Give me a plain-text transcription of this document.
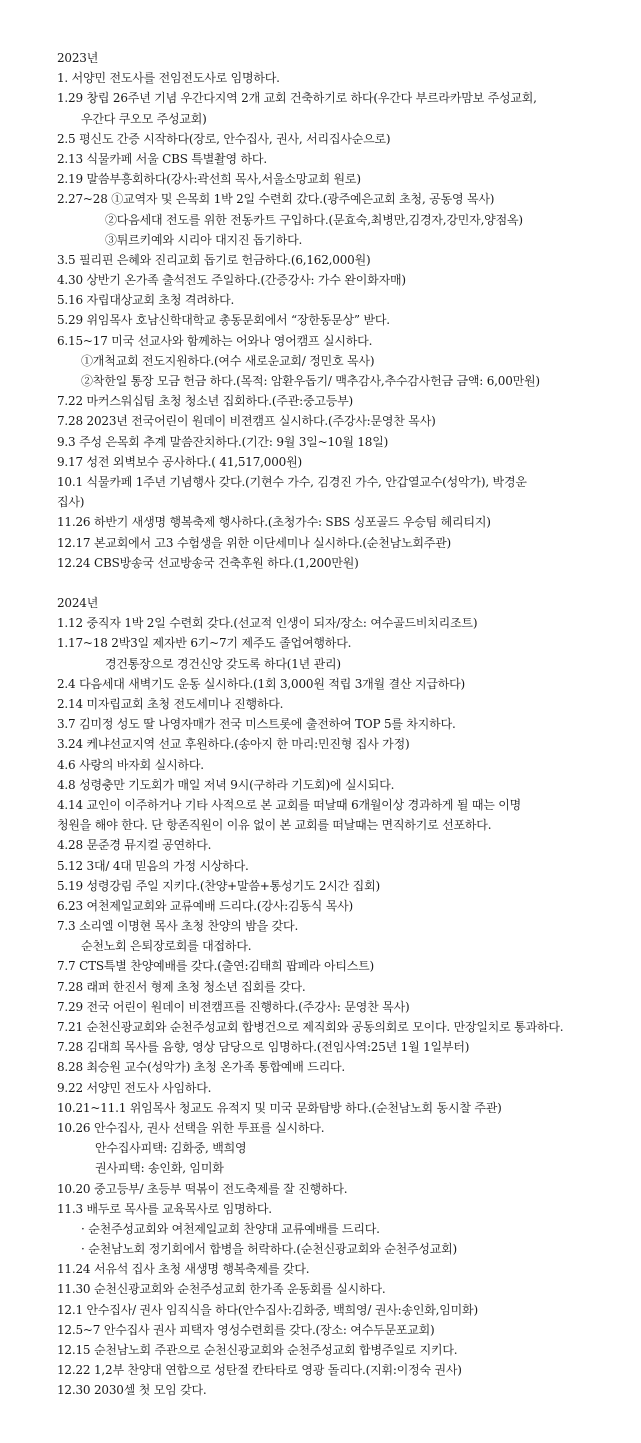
2023년
1. 서양민 전도사를 전임전도사로 임명하다.
1.29 창립 26주년 기념 우간다지역 2개 교회 건축하기로 하다(우간다 부르라카맘보 주성교회,
우간다 쿠오모 주성교회)
2.5 평신도 간증 시작하다(장로, 안수집사, 권사, 서리집사순으로)
2.13 식물카페 서울 CBS 특별촬영 하다.
2.19 말씀부흥회하다(강사:곽선희 목사,서울소망교회 원로)
2.27~28 ①교역자 및 은목회 1박 2일 수련회 갔다.(광주예은교회 초청, 공동영 목사)
②다음세대 전도를 위한 전동카트 구입하다.(문효숙,최병만,김경자,강민자,양점옥)
③튀르키예와 시리아 대지진 돕기하다.
3.5 필리핀 은혜와 진리교회 돕기로 헌금하다.(6,162,000원)
4.30 상반기 온가족 출석전도 주일하다.(간증강사: 가수 완이화자매)
5.16 자립대상교회 초청 격려하다.
5.29 위임목사 호남신학대학교 총동문회에서 “장한동문상” 받다.
6.15~17 미국 선교사와 함께하는 어와나 영어캠프 실시하다.
①개척교회 전도지원하다.(여수 새로운교회/ 정민호 목사)
②착한일 통장 모금 헌금 하다.(목적: 암환우돕기/ 맥추감사,추수감사헌금 금액: 6,00만원)
7.22 마커스워십팀 초청 청소년 집회하다.(주관:중고등부)
7.28 2023년 전국어린이 원데이 비젼캠프 실시하다.(주강사:문영찬 목사)
9.3 주성 은목회 추계 말씀잔치하다.(기간: 9월 3일~10월 18일)
9.17 성전 외벽보수 공사하다.( 41,517,000원)
10.1 식물카페 1주년 기념행사 갖다.(기현수 가수, 김경진 가수, 안갑열교수(성악가), 박경운
집사)
11.26 하반기 새생명 행복축제 행사하다.(초청가수: SBS 싱포골드 우승팀 헤리티지)
12.17 본교회에서 고3 수험생을 위한 이단세미나 실시하다.(순천남노회주관)
12.24 CBS방송국 선교방송국 건축후원 하다.(1,200만원)
2024년
1.12 중직자 1박 2일 수련회 갖다.(선교적 인생이 되자/장소: 여수골드비치리조트)
1.17~18 2박3일 제자반 6기~7기 제주도 졸업여행하다.
경건통장으로 경건신앙 갖도록 하다(1년 관리)
2.4 다음세대 새벽기도 운동 실시하다.(1회 3,000원 적립 3개월 결산 지급하다)
2.14 미자립교회 초청 전도세미나 진행하다.
3.7 김미정 성도 딸 나영자매가 전국 미스트롯에 출전하여 TOP 5를 차지하다.
3.24 케냐선교지역 선교 후원하다.(송아지 한 마리:민진형 집사 가정)
4.6 사랑의 바자회 실시하다.
4.8 성령충만 기도회가 매일 저녁 9시(구하라 기도회)에 실시되다.
4.14 교인이 이주하거나 기타 사적으로 본 교회를 떠날때 6개월이상 경과하게 될 때는 이명
청원을 해야 한다. 단 항존직원이 이유 없이 본 교회를 떠날때는 면직하기로 선포하다.
4.28 문준경 뮤지컬 공연하다.
5.12 3대/ 4대 믿음의 가정 시상하다.
5.19 성령강림 주일 지키다.(찬양+말씀+통성기도 2시간 집회)
6.23 여천제일교회와 교류예배 드리다.(강사:김동식 목사)
7.3 소리엘 이명현 목사 초청 찬양의 밤을 갖다.
순천노회 은퇴장로회를 대접하다.
7.7 CTS특별 찬양예배를 갖다.(출연:김태희 팝페라 아티스트)
7.28 래퍼 한진서 형제 초청 청소년 집회를 갖다.
7.29 전국 어린이 원데이 비젼캠프를 진행하다.(주강사: 문영찬 목사)
7.21 순천신광교회와 순천주성교회 합병건으로 제직회와 공동의회로 모이다. 만장일치로 통과하다.
7.28 김대희 목사를 음향, 영상 담당으로 임명하다.(전임사역:25년 1월 1일부터)
8.28 최승원 교수(성악가) 초청 온가족 통합예배 드리다.
9.22 서양민 전도사 사임하다.
10.21~11.1 위임목사 청교도 유적지 및 미국 문화탐방 하다.(순천남노회 동시찰 주관)
10.26 안수집사, 권사 선택을 위한 투표를 실시하다.
안수집사피택: 김화중, 백희영
권사피택: 송인화, 임미화
10.20 중고등부/ 초등부 떡볶이 전도축제를 잘 진행하다.
11.3 배두로 목사를 교육목사로 임명하다.
· 순천주성교회와 여천제일교회 찬양대 교류예배를 드리다.
· 순천남노회 정기회에서 합병을 허락하다.(순천신광교회와 순천주성교회)
11.24 서유석 집사 초청 새생명 행복축제를 갖다.
11.30 순천신광교회와 순천주성교회 한가족 운동회를 실시하다.
12.1 안수집사/ 권사 임직식을 하다(안수집사:김화중, 백희영/ 권사:송인화,임미화)
12.5~7 안수집사 권사 피택자 영성수련회를 갖다.(장소: 여수두문포교회)
12.15 순천남노회 주관으로 순천신광교회와 순천주성교회 합병주일로 지키다.
12.22 1,2부 찬양대 연합으로 성탄절 칸타타로 영광 돌리다.(지휘:이정숙 권사)
12.30 2030셀 첫 모임 갖다.
